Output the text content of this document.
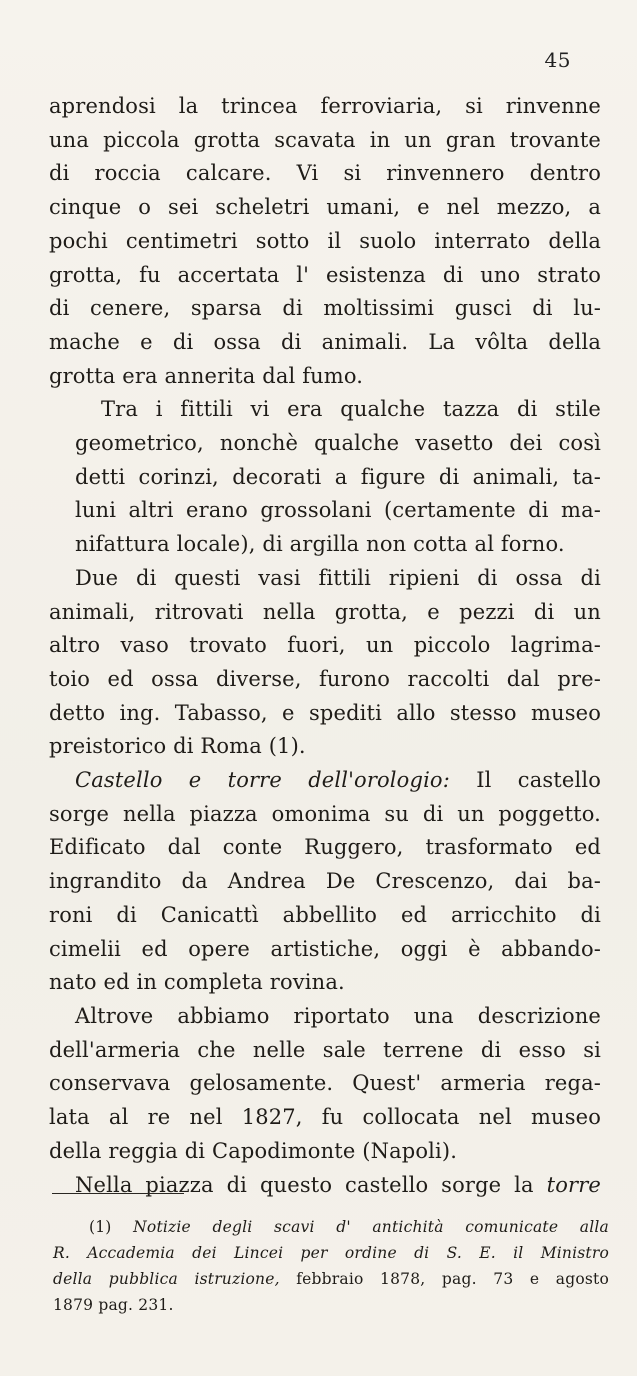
45

aprendosi la trincea ferroviaria, si rinvenne
una piccola grotta scavata in un gran trovante
di roccia calcare. Vi si rinvennero dentro
cinque o sei scheletri umani, e nel mezzo, a
pochi centimetri sotto il suolo interrato della
grotta, fu accertata l' esistenza di uno strato
di cenere, sparsa di moltissimi gusci di lu-
mache e di ossa di animali. La vôlta della
grotta era annerita dal fumo.

Tra i fittili vi era qualche tazza di stile
geometrico, nonchè qualche vasetto dei così
detti corinzi, decorati a figure di animali, ta-
luni altri erano grossolani (certamente di ma-
nifattura locale), di argilla non cotta al forno.

Due di questi vasi fittili ripieni di ossa di
animali, ritrovati nella grotta, e pezzi di un
altro vaso trovato fuori, un piccolo lagrima-
toio ed ossa diverse, furono raccolti dal pre-
detto ing. Tabasso, e spediti allo stesso museo
preistorico di Roma (1).

Castello e torre dell'orologio: Il castello
sorge nella piazza omonima su di un poggetto.
Edificato dal conte Ruggero, trasformato ed
ingrandito da Andrea De Crescenzo, dai ba-
roni di Canicattì abbellito ed arricchito di
cimelii ed opere artistiche, oggi è abbando-
nato ed in completa rovina.

Altrove abbiamo riportato una descrizione
dell'armeria che nelle sale terrene di esso si
conservava gelosamente. Quest' armeria rega-
lata al re nel 1827, fu collocata nel museo
della reggia di Capodimonte (Napoli).

Nella piazza di questo castello sorge la torre

(1) Notizie degli scavi d' antichità comunicate alla
R. Accademia dei Lincei per ordine di S. E. il Ministro
della pubblica istruzione, febbraio 1878, pag. 73 e agosto
1879 pag. 231.
